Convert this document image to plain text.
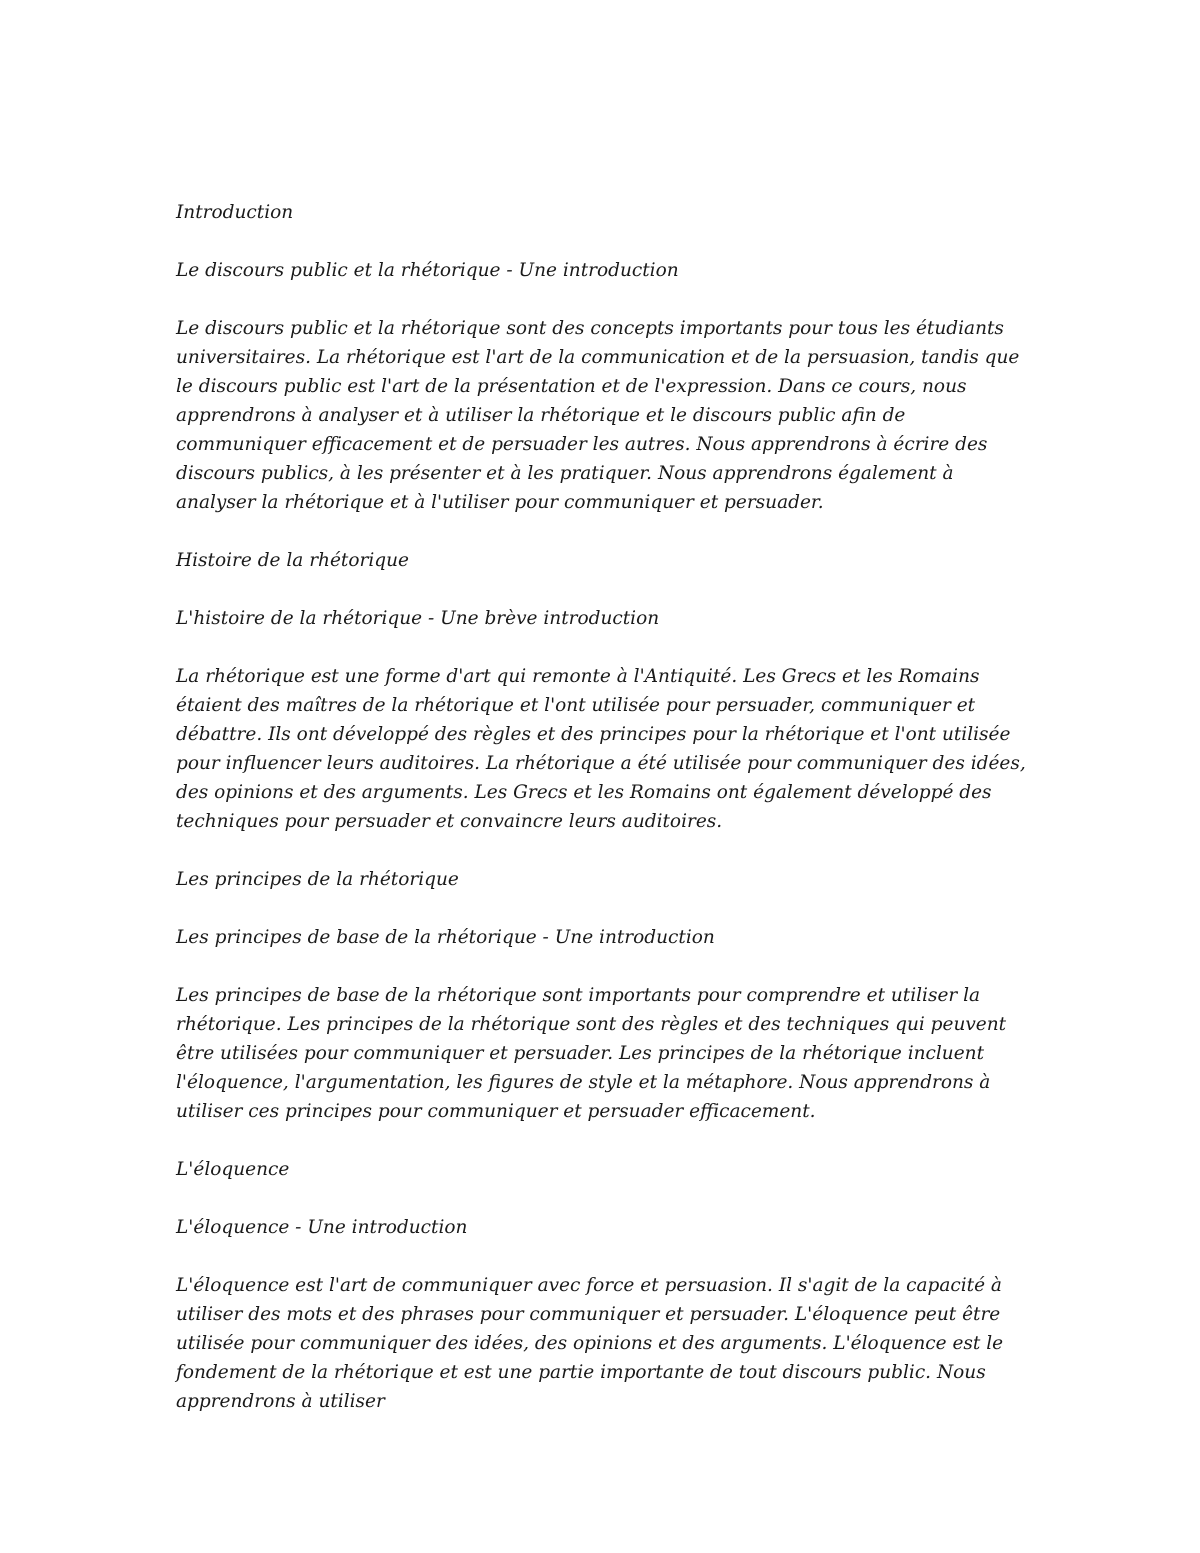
Introduction

Le discours public et la rhétorique - Une introduction

Le discours public et la rhétorique sont des concepts importants pour tous les étudiants universitaires. La rhétorique est l'art de la communication et de la persuasion, tandis que le discours public est l'art de la présentation et de l'expression. Dans ce cours, nous apprendrons à analyser et à utiliser la rhétorique et le discours public afin de communiquer efficacement et de persuader les autres. Nous apprendrons à écrire des discours publics, à les présenter et à les pratiquer. Nous apprendrons également à analyser la rhétorique et à l'utiliser pour communiquer et persuader.

Histoire de la rhétorique

L'histoire de la rhétorique - Une brève introduction

La rhétorique est une forme d'art qui remonte à l'Antiquité. Les Grecs et les Romains étaient des maîtres de la rhétorique et l'ont utilisée pour persuader, communiquer et débattre. Ils ont développé des règles et des principes pour la rhétorique et l'ont utilisée pour influencer leurs auditoires. La rhétorique a été utilisée pour communiquer des idées, des opinions et des arguments. Les Grecs et les Romains ont également développé des techniques pour persuader et convaincre leurs auditoires.

Les principes de la rhétorique

Les principes de base de la rhétorique - Une introduction

Les principes de base de la rhétorique sont importants pour comprendre et utiliser la rhétorique. Les principes de la rhétorique sont des règles et des techniques qui peuvent être utilisées pour communiquer et persuader. Les principes de la rhétorique incluent l'éloquence, l'argumentation, les figures de style et la métaphore. Nous apprendrons à utiliser ces principes pour communiquer et persuader efficacement.

L'éloquence

L'éloquence - Une introduction

L'éloquence est l'art de communiquer avec force et persuasion. Il s'agit de la capacité à utiliser des mots et des phrases pour communiquer et persuader. L'éloquence peut être utilisée pour communiquer des idées, des opinions et des arguments. L'éloquence est le fondement de la rhétorique et est une partie importante de tout discours public. Nous apprendrons à utiliser
